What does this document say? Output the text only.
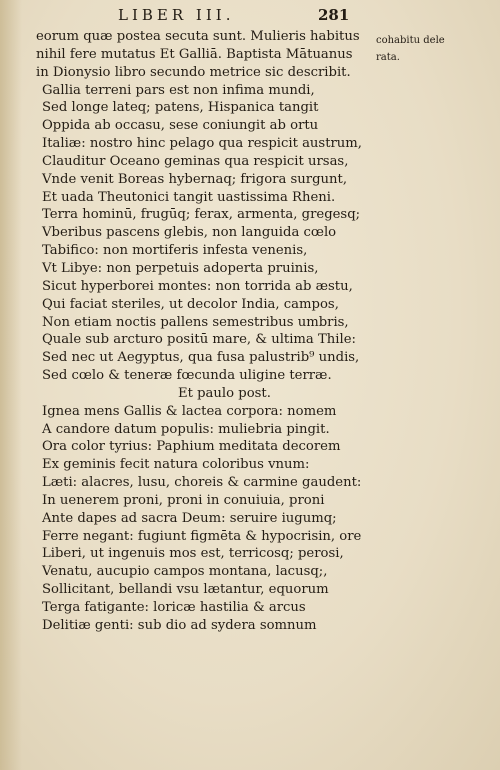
LIBER III.	281
cohabitu dele
rata.
eorum quæ postea secuta sunt. Mulieris habitus
nihil fere mutatus Et Galliā. Baptista Mātuanus
in Dionysio libro secundo metrice sic describit.
Gallia terreni pars est non infima mundi,
Sed longe lateq; patens, Hispanica tangit
Oppida ab occasu, sese coniungit ab ortu
Italiæ: nostro hinc pelago qua respicit austrum,
Clauditur Oceano geminas qua respicit ursas,
Vnde venit Boreas hybernaq; frigora surgunt,
Et uada Theutonici tangit uastissima Rheni.
Terra hominū, frugūq; ferax, armenta, gregesq;
Vberibus pascens glebis, non languida cœlo
Tabifico: non mortiferis infesta venenis,
Vt Libye: non perpetuis adoperta pruinis,
Sicut hyperborei montes: non torrida ab æstu,
Qui faciat steriles, ut decolor India, campos,
Non etiam noctis pallens semestribus umbris,
Quale sub arcturo positū mare, & ultima Thile:
Sed nec ut Aegyptus, qua fusa palustrib⁹ undis,
Sed cœlo & teneræ fœcunda uligine terræ.
Et paulo post.
Ignea mens Gallis & lactea corpora: nomem
A candore datum populis: muliebria pingit.
Ora color tyrius: Paphium meditata decorem
Ex geminis fecit natura coloribus vnum:
Læti: alacres, lusu, choreis & carmine gaudent:
In uenerem proni, proni in conuiuia, proni
Ante dapes ad sacra Deum: seruire iugumq;
Ferre negant: fugiunt figmēta & hypocrisin, ore
Liberi, ut ingenuis mos est, terricosq; perosi,
Venatu, aucupio campos montana, lacusq;,
Sollicitant, bellandi vsu lætantur, equorum
Terga fatigante: loricæ hastilia & arcus
Delitiæ genti: sub dio ad sydera somnum
